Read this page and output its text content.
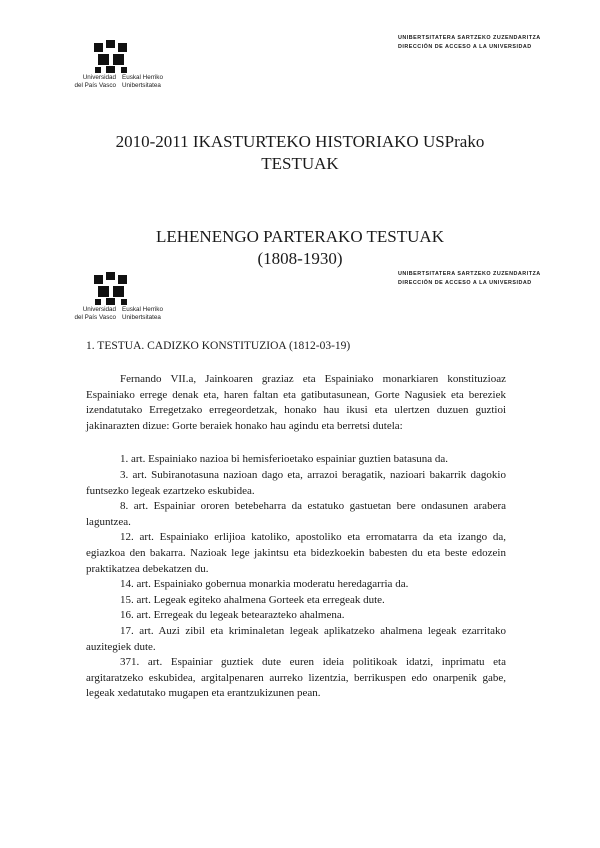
Universidad
del País Vasco
Euskal Herriko
Unibertsitatea
UNIBERTSITATERA SARTZEKO ZUZENDARITZA
DIRECCIÓN DE ACCESO A LA UNIVERSIDAD
2010-2011 IKASTURTEKO HISTORIAKO USPrako
TESTUAK
LEHENENGO PARTERAKO TESTUAK
(1808-1930)
Universidad
del País Vasco
Euskal Herriko
Unibertsitatea
UNIBERTSITATERA SARTZEKO ZUZENDARITZA
DIRECCIÓN DE ACCESO A LA UNIVERSIDAD
1. TESTUA. CADIZKO KONSTITUZIOA (1812-03-19)

Fernando VII.a, Jainkoaren graziaz eta Espainiako monarkiaren konstituzioaz Espainiako errege denak eta, haren faltan eta gatibutasunean, Gorte Nagusiek eta bereziek izendatutako Erregetzako erregeordetzak, honako hau ikusi eta ulertzen duzuen guztioi jakinarazten dizue: Gorte beraiek honako hau agindu eta berretsi dutela:

1. art. Espainiako nazioa bi hemisferioetako espainiar guztien batasuna da.

3. art. Subiranotasuna nazioan dago eta, arrazoi beragatik, nazioari bakarrik dagokio funtsezko legeak ezartzeko eskubidea.

8. art. Espainiar ororen betebeharra da estatuko gastuetan bere ondasunen arabera laguntzea.

12. art. Espainiako erlijioa katoliko, apostoliko eta erromatarra da eta izango da, egiazkoa den bakarra. Nazioak lege jakintsu eta bidezkoekin babesten du eta beste edozein praktikatzea debekatzen du.

14. art. Espainiako gobernua monarkia moderatu heredagarria da.

15. art. Legeak egiteko ahalmena Gorteek eta erregeak dute.

16. art. Erregeak du legeak betearazteko ahalmena.

17. art. Auzi zibil eta kriminaletan legeak aplikatzeko ahalmena legeak ezarritako auzitegiek dute.

371. art. Espainiar guztiek dute euren ideia politikoak idatzi, inprimatu eta argitaratzeko eskubidea, argitalpenaren aurreko lizentzia, berrikuspen edo onarpenik gabe, legeak xedatutako mugapen eta erantzukizunen pean.
